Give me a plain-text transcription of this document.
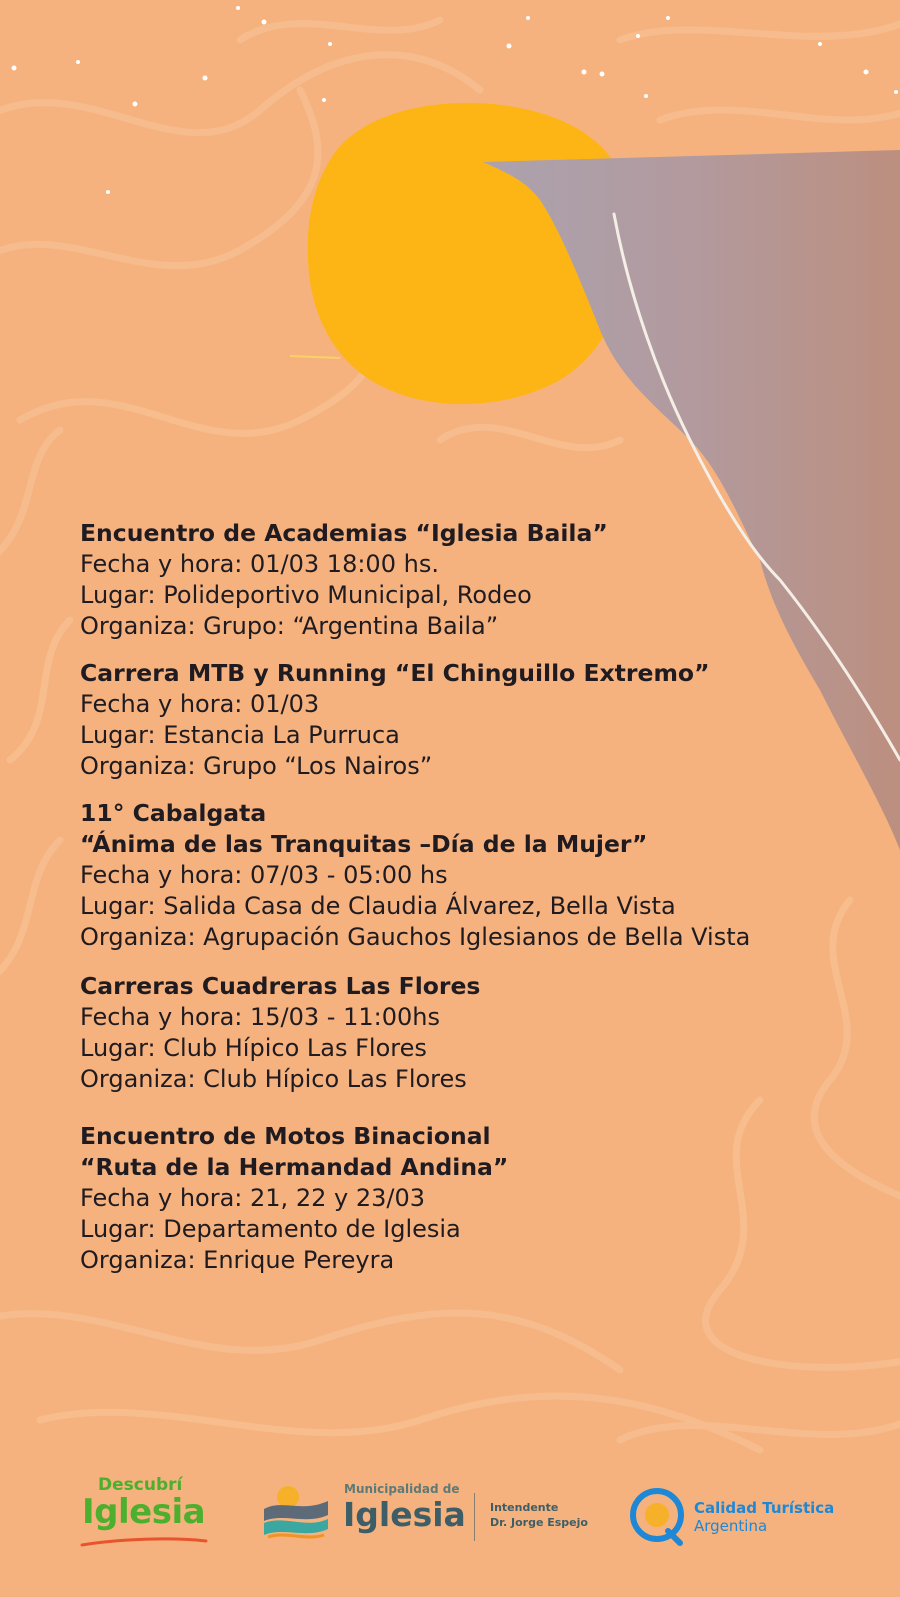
Encuentro de Academias “Iglesia Baila”
Fecha y hora: 01/03 18:00 hs.
Lugar: Polideportivo Municipal, Rodeo
Organiza: Grupo: “Argentina Baila”
Carrera MTB y Running “El Chinguillo Extremo”
Fecha y hora: 01/03
Lugar: Estancia La Purruca
Organiza: Grupo “Los Nairos”
11° Cabalgata
“Ánima de las Tranquitas –Día de la Mujer”
Fecha y hora: 07/03 - 05:00 hs
Lugar: Salida Casa de Claudia Álvarez, Bella Vista
Organiza: Agrupación Gauchos Iglesianos de Bella Vista
Carreras Cuadreras Las Flores
Fecha y hora: 15/03 - 11:00hs
Lugar: Club Hípico Las Flores
Organiza: Club Hípico Las Flores
Encuentro de Motos Binacional
“Ruta de la Hermandad Andina”
Fecha y hora: 21, 22 y 23/03
Lugar: Departamento de Iglesia
Organiza: Enrique Pereyra
Descubrí
Iglesia
Municipalidad de
Iglesia Intendente
Dr. Jorge Espejo
Calidad Turística
Argentina
